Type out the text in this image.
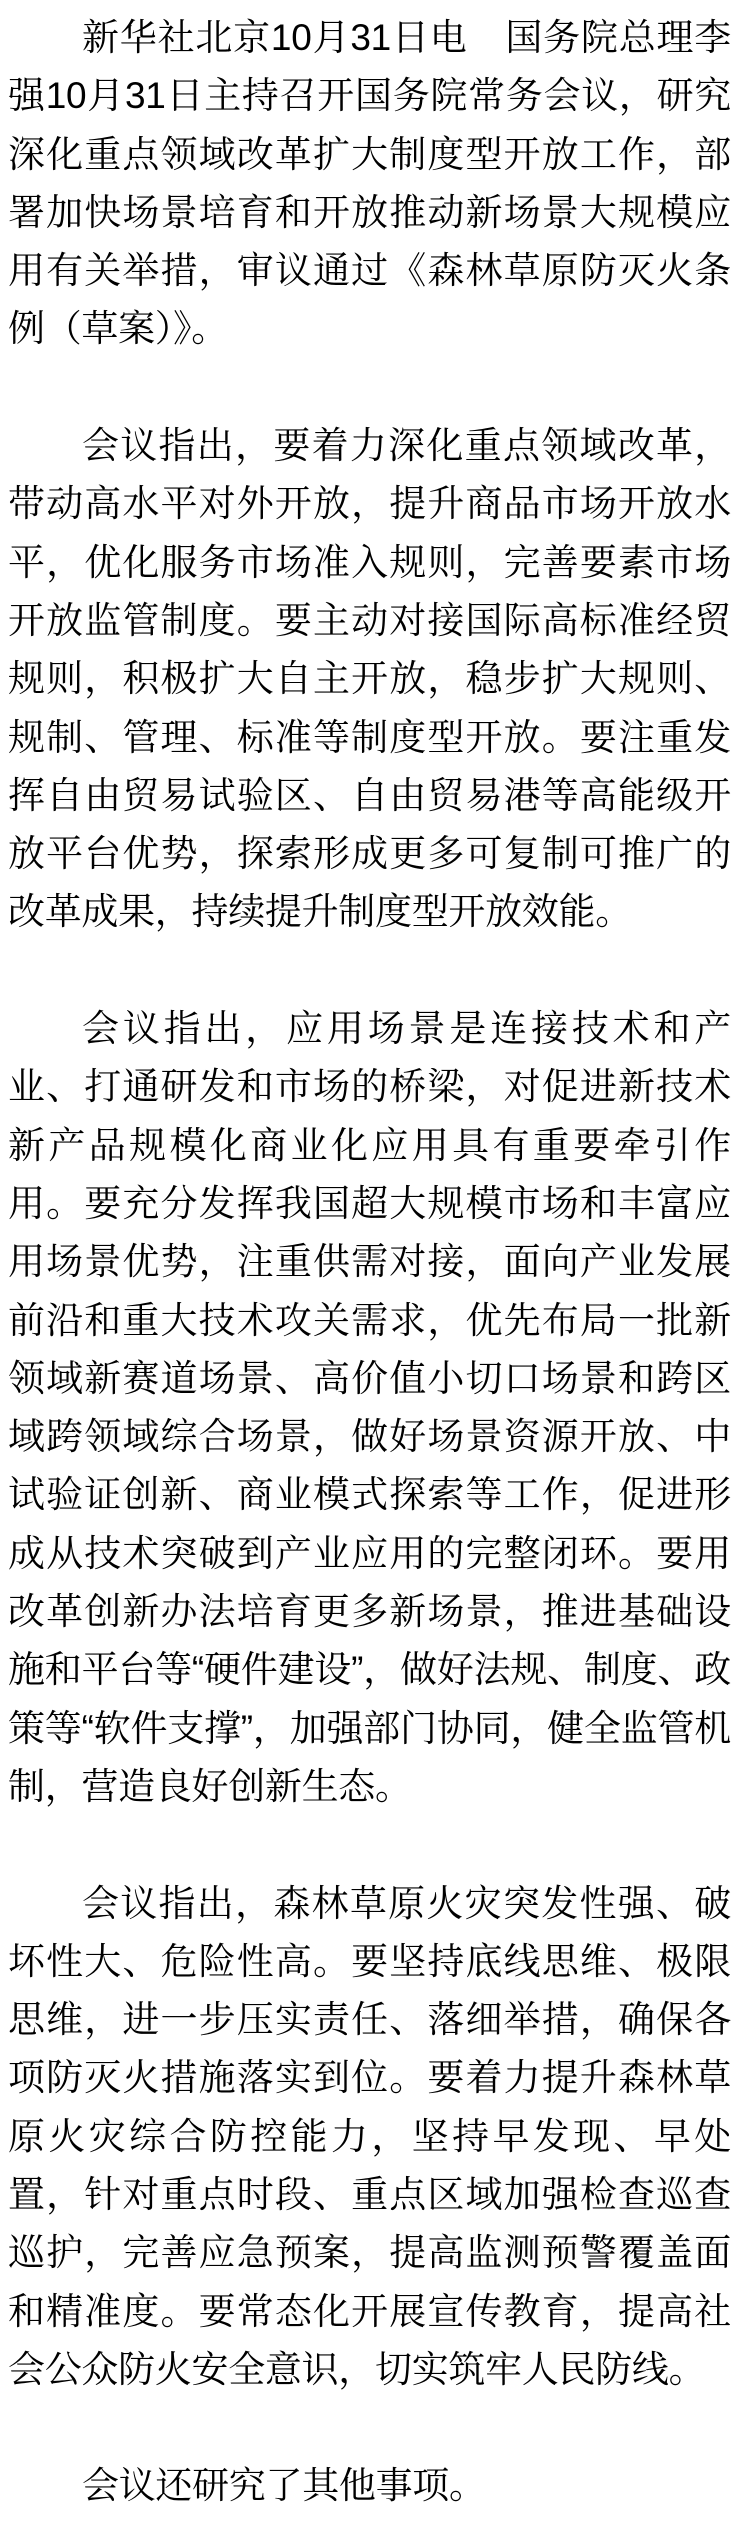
新华社北京10月31日电　国务院总理李强10月31日主持召开国务院常务会议，研究深化重点领域改革扩大制度型开放工作，部署加快场景培育和开放推动新场景大规模应用有关举措，审议通过《森林草原防灭火条例（草案）》。

会议指出，要着力深化重点领域改革，带动高水平对外开放，提升商品市场开放水平，优化服务市场准入规则，完善要素市场开放监管制度。要主动对接国际高标准经贸规则，积极扩大自主开放，稳步扩大规则、规制、管理、标准等制度型开放。要注重发挥自由贸易试验区、自由贸易港等高能级开放平台优势，探索形成更多可复制可推广的改革成果，持续提升制度型开放效能。

会议指出，应用场景是连接技术和产业、打通研发和市场的桥梁，对促进新技术新产品规模化商业化应用具有重要牵引作用。要充分发挥我国超大规模市场和丰富应用场景优势，注重供需对接，面向产业发展前沿和重大技术攻关需求，优先布局一批新领域新赛道场景、高价值小切口场景和跨区域跨领域综合场景，做好场景资源开放、中试验证创新、商业模式探索等工作，促进形成从技术突破到产业应用的完整闭环。要用改革创新办法培育更多新场景，推进基础设施和平台等“硬件建设”，做好法规、制度、政策等“软件支撑”，加强部门协同，健全监管机制，营造良好创新生态。

会议指出，森林草原火灾突发性强、破坏性大、危险性高。要坚持底线思维、极限思维，进一步压实责任、落细举措，确保各项防灭火措施落实到位。要着力提升森林草原火灾综合防控能力，坚持早发现、早处置，针对重点时段、重点区域加强检查巡查巡护，完善应急预案，提高监测预警覆盖面和精准度。要常态化开展宣传教育，提高社会公众防火安全意识，切实筑牢人民防线。

会议还研究了其他事项。
